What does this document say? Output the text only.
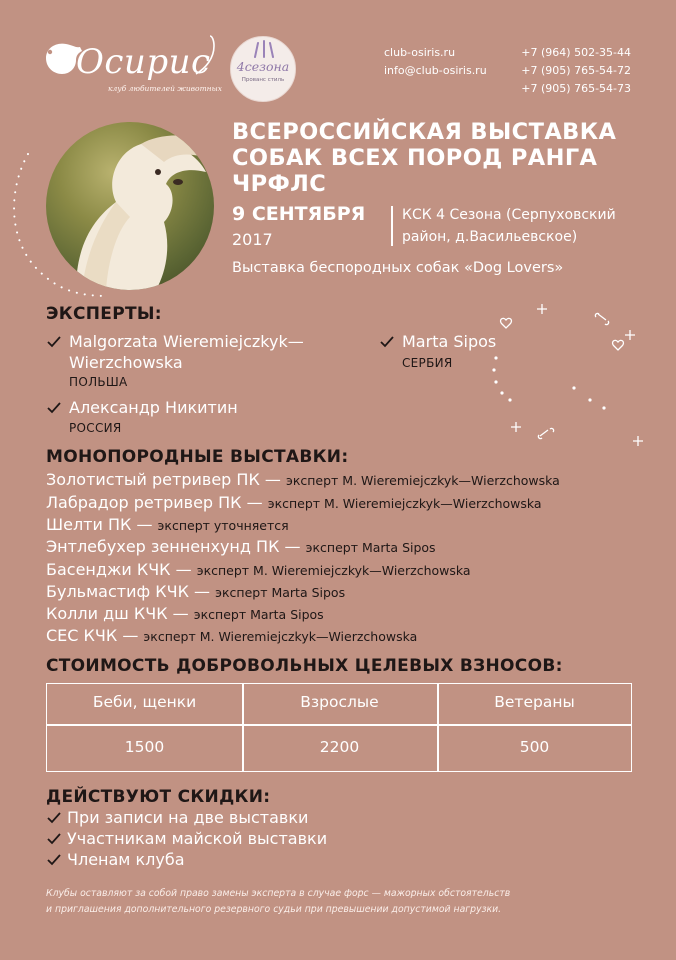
Осирис
клуб любителей животных
4сезона
Прованс стиль
club-osiris.ru
info@club-osiris.ru
+7 (964) 502-35-44
+7 (905) 765-54-72
+7 (905) 765-54-73
ВСЕРОССИЙСКАЯ ВЫСТАВКА
СОБАК ВСЕХ ПОРОД РАНГА
ЧРФЛС
9 СЕНТЯБРЯ
2017
КСК 4 Сезона (Серпуховский
район, д.Васильевское)
Выставка беспородных собак «Dog Lovers»
ЭКСПЕРТЫ:
Malgorzata Wieremiejczkyk—
Wierzchowska
ПОЛЬША
Александр Никитин
РОССИЯ
Marta Sipos
СЕРБИЯ
МОНОПОРОДНЫЕ ВЫСТАВКИ:
Золотистый ретривер ПК — эксперт M. Wieremiejczkyk—Wierzchowska
Лабрадор ретривер ПК — эксперт M. Wieremiejczkyk—Wierzchowska
Шелти ПК — эксперт уточняется
Энтлебухер зенненхунд ПК — эксперт Marta Sipos
Басенджи КЧК — эксперт M. Wieremiejczkyk—Wierzchowska
Бульмастиф КЧК — эксперт Marta Sipos
Колли дш КЧК — эксперт Marta Sipos
CEC КЧК — эксперт M. Wieremiejczkyk—Wierzchowska
СТОИМОСТЬ ДОБРОВОЛЬНЫХ ЦЕЛЕВЫХ ВЗНОСОВ:
Беби, щенки	Взрослые	Ветераны
1500	2200	500
ДЕЙСТВУЮТ СКИДКИ:
При записи на две выставки
Участникам майской выставки
Членам клуба
Клубы оставляют за собой право замены эксперта в случае форс — мажорных обстоятельств
и приглашения дополнительного резервного судьи при превышении допустимой нагрузки.
